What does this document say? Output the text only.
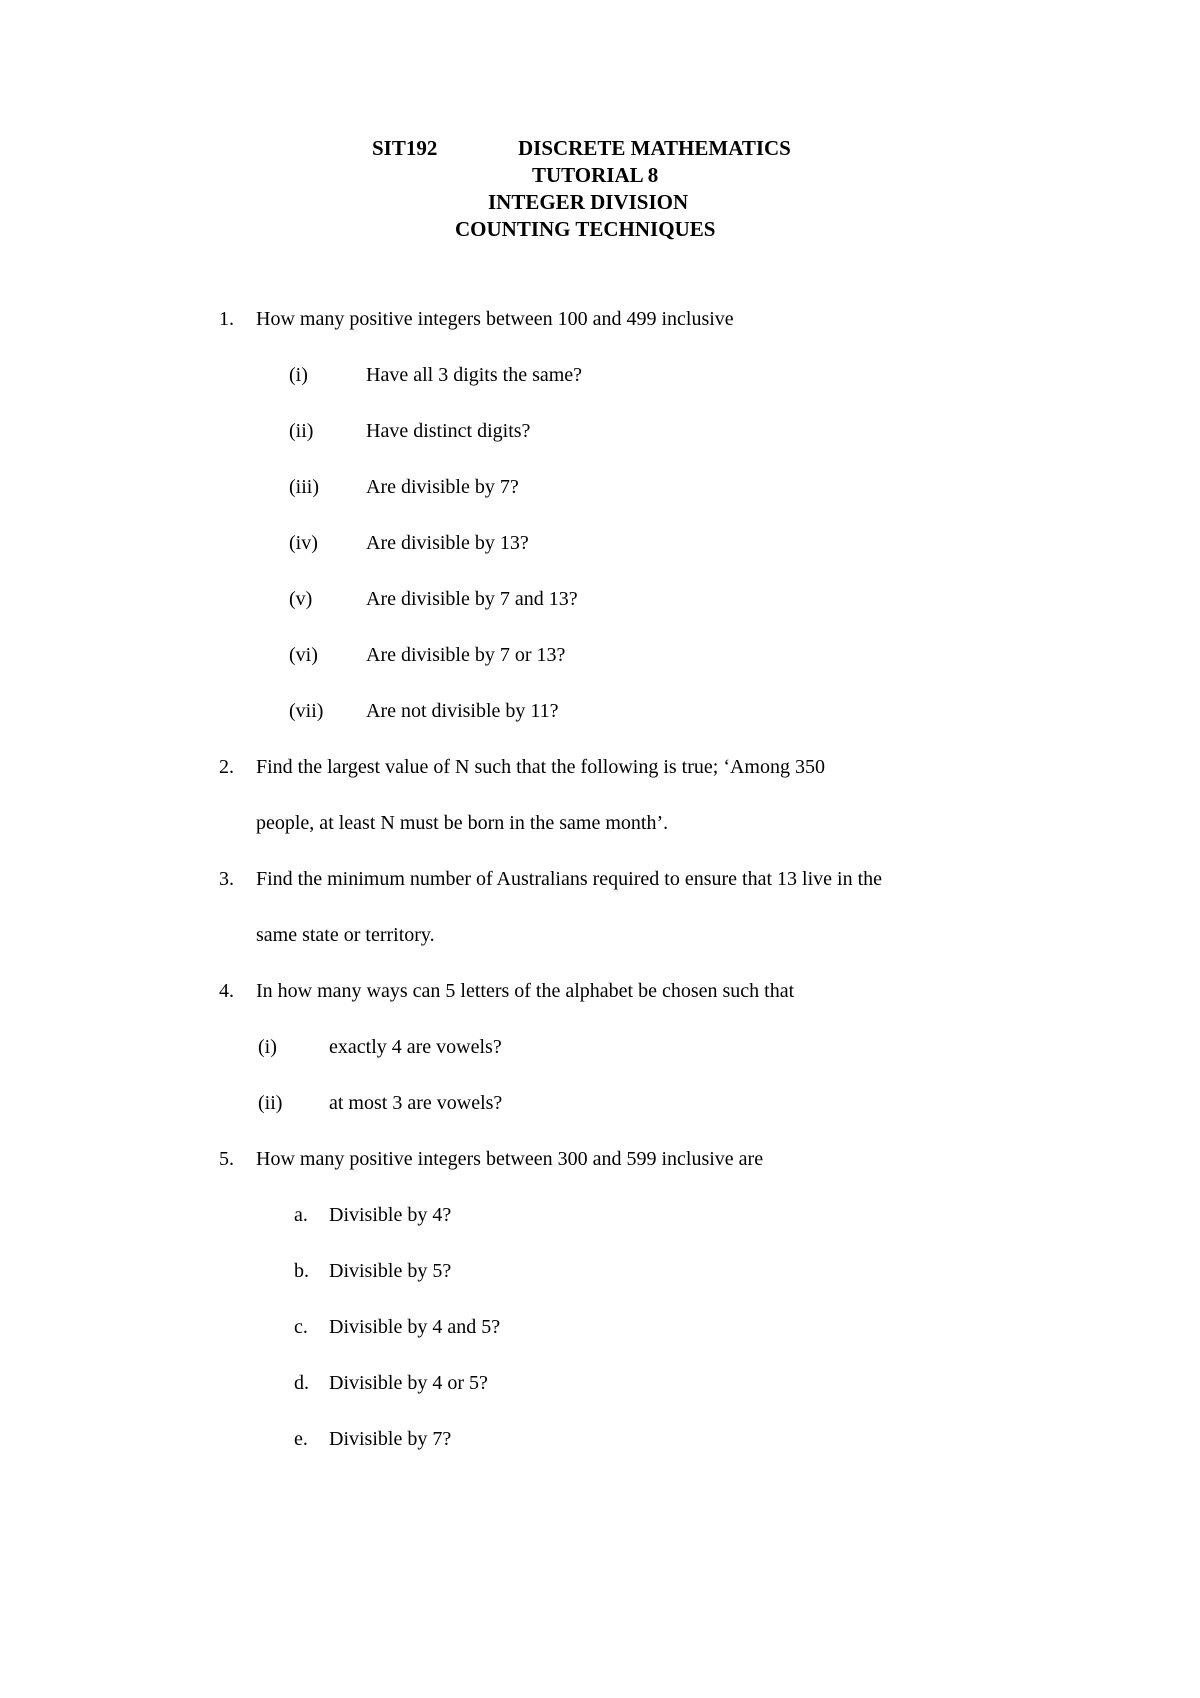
SIT192	DISCRETE MATHEMATICS
TUTORIAL 8
INTEGER DIVISION
COUNTING TECHNIQUES
1. How many positive integers between 100 and 499 inclusive
(i)	Have all 3 digits the same?
(ii)	Have distinct digits?
(iii) Are divisible by 7?
(iv) Are divisible by 13?
(v)	Are divisible by 7 and 13?
(vi) Are divisible by 7 or 13?
(vii) Are not divisible by 11?
2. Find the largest value of N such that the following is true; ‘Among 350
people, at least N must be born in the same month’.
3. Find the minimum number of Australians required to ensure that 13 live in the
same state or territory.
4. In how many ways can 5 letters of the alphabet be chosen such that
(i)	exactly 4 are vowels?
(ii) at most 3 are vowels?
5. How many positive integers between 300 and 599 inclusive are
a. Divisible by 4?
b. Divisible by 5?
c. Divisible by 4 and 5?
d. Divisible by 4 or 5?
e. Divisible by 7?
